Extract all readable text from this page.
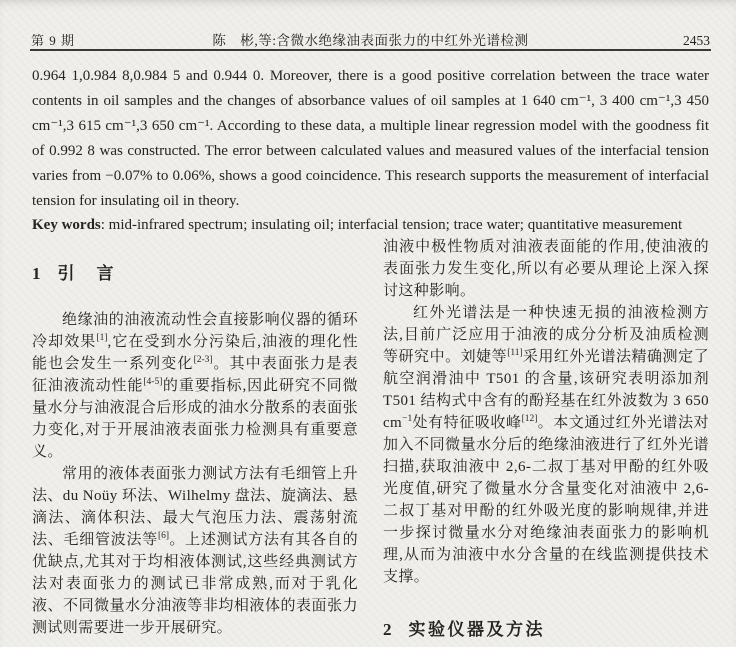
第 9 期	陈　彬,等:含微水绝缘油表面张力的中红外光谱检测	2453

0.964 1,0.984 8,0.984 5 and 0.944 0. Moreover, there is a good positive correlation between the trace water contents in oil samples and the changes of absorbance values of oil samples at 1 640 cm⁻¹, 3 400 cm⁻¹,3 450 cm⁻¹,3 615 cm⁻¹,3 650 cm⁻¹. According to these data, a multiple linear regression model with the goodness fit of 0.992 8 was constructed. The error between calculated values and measured values of the interfacial tension varies from −0.07% to 0.06%, shows a good coincidence. This research supports the measurement of interfacial tension for insulating oil in theory.

Key words: mid-infrared spectrum; insulating oil; interfacial tension; trace water; quantitative measurement

1 引　言

绝缘油的油液流动性会直接影响仪器的循环冷却效果[1],它在受到水分污染后,油液的理化性能也会发生一系列变化[2-3]。其中表面张力是表征油液流动性能[4-5]的重要指标,因此研究不同微量水分与油液混合后形成的油水分散系的表面张力变化,对于开展油液表面张力检测具有重要意义。

常用的液体表面张力测试方法有毛细管上升法、du Noüy 环法、Wilhelmy 盘法、旋滴法、悬滴法、滴体积法、最大气泡压力法、震荡射流法、毛细管波法等[6]。上述测试方法有其各自的优缺点,尤其对于均相液体测试,这些经典测试方法对表面张力的测试已非常成熟,而对于乳化液、不同微量水分油液等非均相液体的表面张力测试则需要进一步开展研究。

油液中极性物质对油液表面能的作用,使油液的表面张力发生变化,所以有必要从理论上深入探讨这种影响。

红外光谱法是一种快速无损的油液检测方法,目前广泛应用于油液的成分分析及油质检测等研究中。刘婕等[11]采用红外光谱法精确测定了航空润滑油中 T501 的含量,该研究表明添加剂 T501 结构式中含有的酚羟基在红外波数为 3 650 $cm^{-1}$处有特征吸收峰[12]。本文通过红外光谱法对加入不同微量水分后的绝缘油液进行了红外光谱扫描,获取油液中 2,6-二叔丁基对甲酚的红外吸光度值,研究了微量水分含量变化对油液中 2,6-二叔丁基对甲酚的红外吸光度的影响规律,并进一步探讨微量水分对绝缘油表面张力的影响机理,从而为油液中水分含量的在线监测提供技术支撑。

2 实验仪器及方法
